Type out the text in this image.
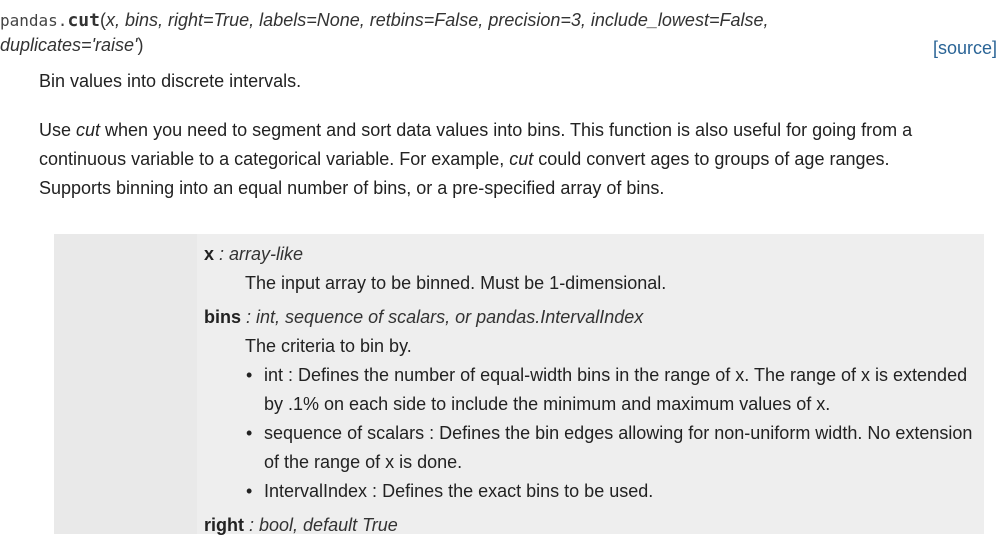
pandas.cut(x, bins, right=True, labels=None, retbins=False, precision=3, include_lowest=False,
duplicates='raise')	[source]
Bin values into discrete intervals.
Use cut when you need to segment and sort data values into bins. This function is also useful for going from a
continuous variable to a categorical variable. For example, cut could convert ages to groups of age ranges.
Supports binning into an equal number of bins, or a pre-specified array of bins.
x : array-like
The input array to be binned. Must be 1-dimensional.
bins : int, sequence of scalars, or pandas.IntervalIndex
The criteria to bin by.
• int : Defines the number of equal-width bins in the range of x. The range of x is extended by .1% on each side to include the minimum and maximum values of x.
• sequence of scalars : Defines the bin edges allowing for non-uniform width. No extension of the range of x is done.
• IntervalIndex : Defines the exact bins to be used.
right : bool, default True
